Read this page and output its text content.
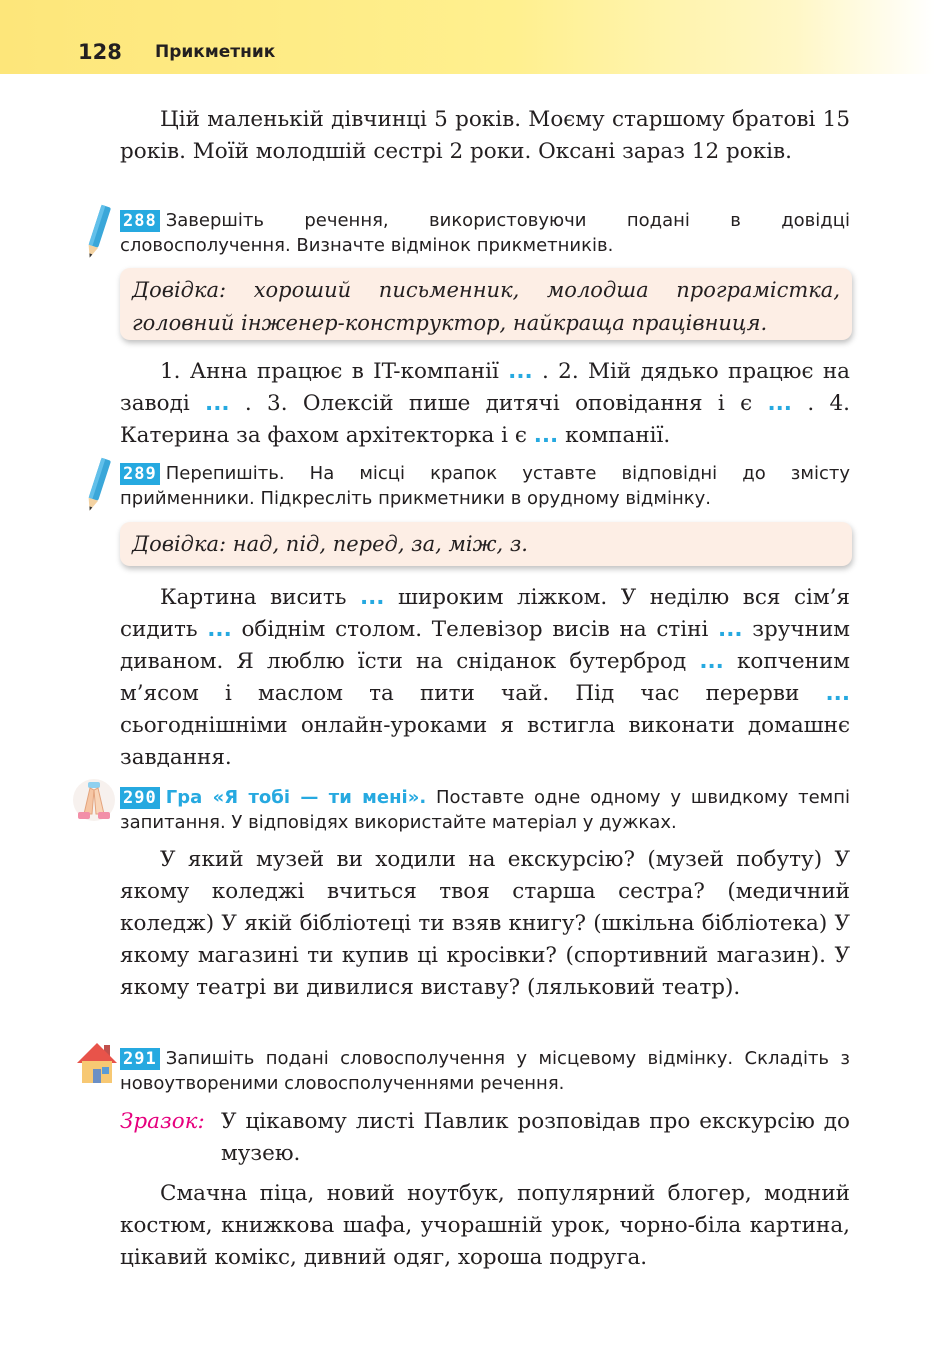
128 Прикметник

Цій маленькій дівчинці 5 років. Моєму старшому братові 15 років. Моїй молодшій сестрі 2 роки. Оксані зараз 12 років.

288 Завершіть речення, використовуючи подані в довідці словосполучення. Визначте відмінок прикметників.

Довідка: хороший письменник, молодша програмістка, головний інженер-конструктор, найкраща працівниця.

1. Анна працює в IT-компанії ... . 2. Мій дядько працює на заводі ... . 3. Олексій пише дитячі оповідання і є ... . 4. Катерина за фахом архітекторка і є ... компанії.

289 Перепишіть. На місці крапок уставте відповідні до змісту прийменники. Підкресліть прикметники в орудному відмінку.

Довідка: над, під, перед, за, між, з.

Картина висить ... широким ліжком. У неділю вся сім’я сидить ... обіднім столом. Телевізор висів на стіні ... зручним диваном. Я люблю їсти на сніданок бутерброд ... копченим м’ясом і маслом та пити чай. Під час перерви ... сьогоднішніми онлайн-уроками я встигла виконати домашнє завдання.

290 Гра «Я тобі — ти мені». Поставте одне одному у швидкому темпі запитання. У відповідях використайте матеріал у дужках.

У який музей ви ходили на екскурсію? (музей побуту) У якому коледжі вчиться твоя старша сестра? (медичний коледж) У якій бібліотеці ти взяв книгу? (шкільна бібліотека) У якому магазині ти купив ці кросівки? (спортивний магазин). У якому театрі ви дивилися виставу? (ляльковий театр).

291 Запишіть подані словосполучення у місцевому відмінку. Складіть з новоутвореними словосполученнями речення.

Зразок: У цікавому листі Павлик розповідав про екскурсію до музею.

Смачна піца, новий ноутбук, популярний блогер, модний костюм, книжкова шафа, учорашній урок, чорно-біла картина, цікавий комікс, дивний одяг, хороша подруга.
